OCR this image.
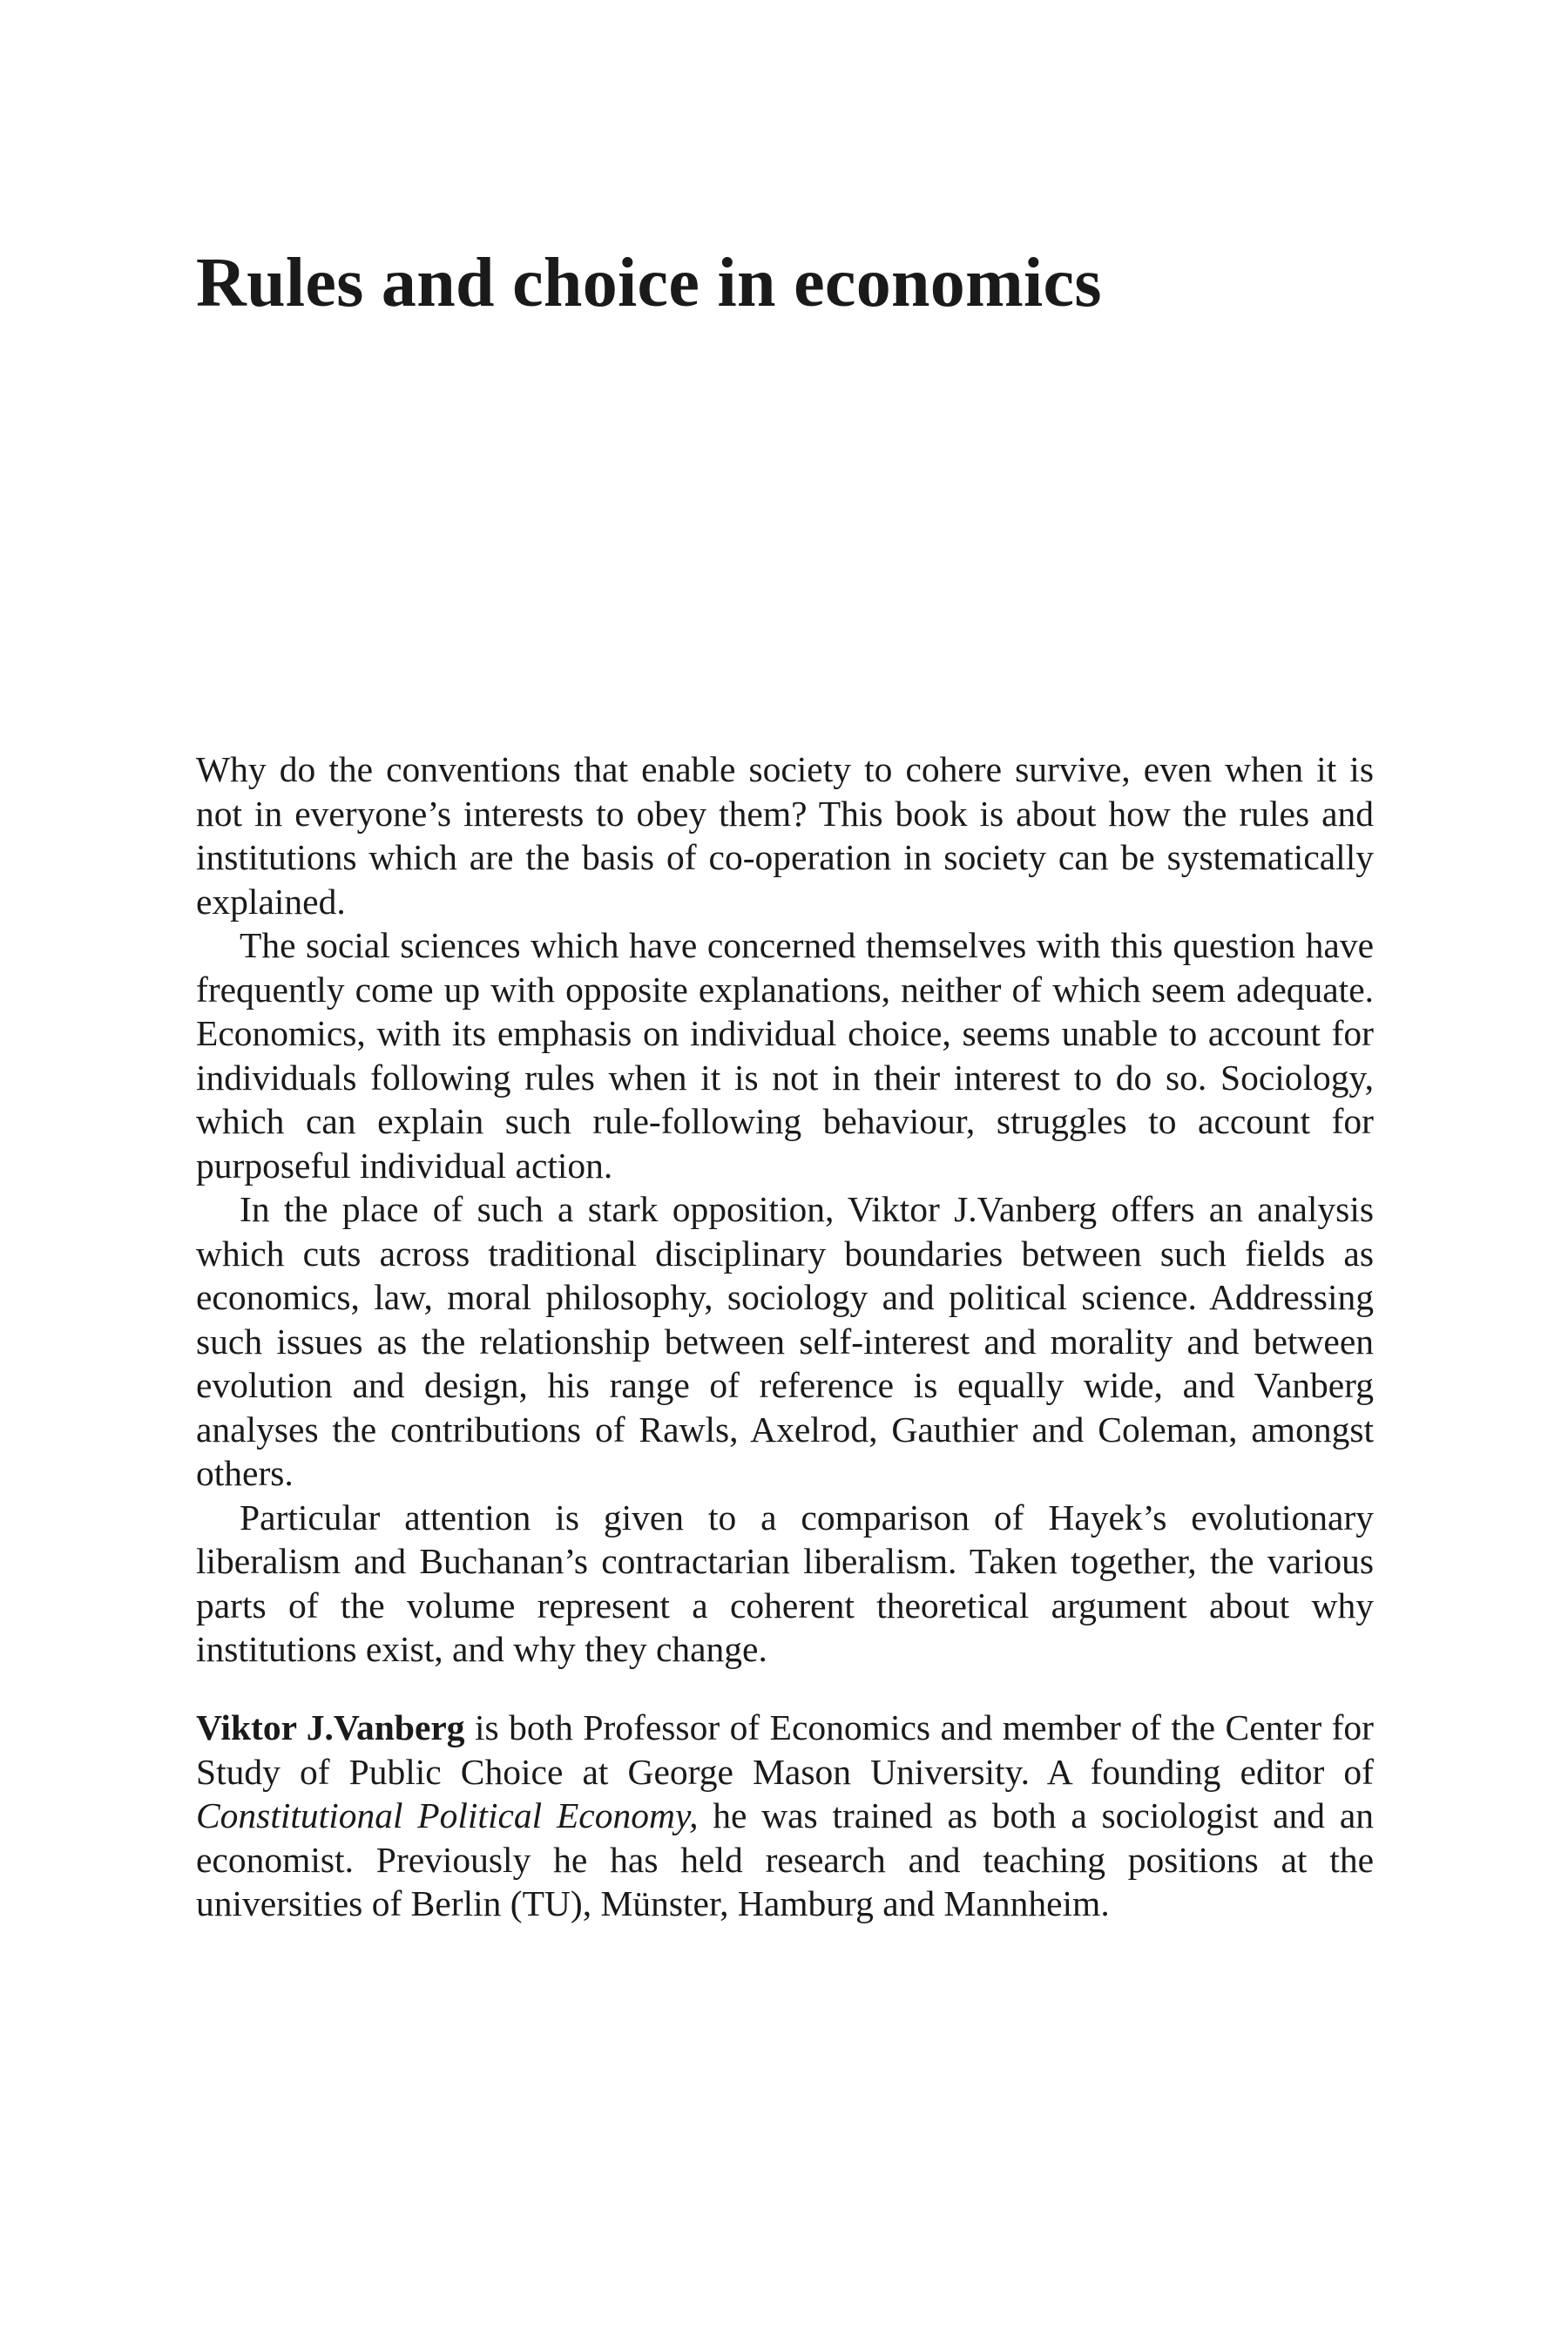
Rules and choice in economics

Why do the conventions that enable society to cohere survive, even when it is not in everyone’s interests to obey them? This book is about how the rules and institutions which are the basis of co-operation in society can be systematically explained.

The social sciences which have concerned themselves with this question have frequently come up with opposite explanations, neither of which seem adequate. Economics, with its emphasis on individual choice, seems unable to account for individuals following rules when it is not in their interest to do so. Sociology, which can explain such rule-following behaviour, struggles to account for purposeful individual action.

In the place of such a stark opposition, Viktor J.Vanberg offers an analysis which cuts across traditional disciplinary boundaries between such fields as economics, law, moral philosophy, sociology and political science. Addressing such issues as the relationship between self-interest and morality and between evolution and design, his range of reference is equally wide, and Vanberg analyses the contributions of Rawls, Axelrod, Gauthier and Coleman, amongst others.

Particular attention is given to a comparison of Hayek’s evolutionary liberalism and Buchanan’s contractarian liberalism. Taken together, the various parts of the volume represent a coherent theoretical argument about why institutions exist, and why they change.

Viktor J.Vanberg is both Professor of Economics and member of the Center for Study of Public Choice at George Mason University. A founding editor of Constitutional Political Economy, he was trained as both a sociologist and an economist. Previously he has held research and teaching positions at the universities of Berlin (TU), Münster, Hamburg and Mannheim.
